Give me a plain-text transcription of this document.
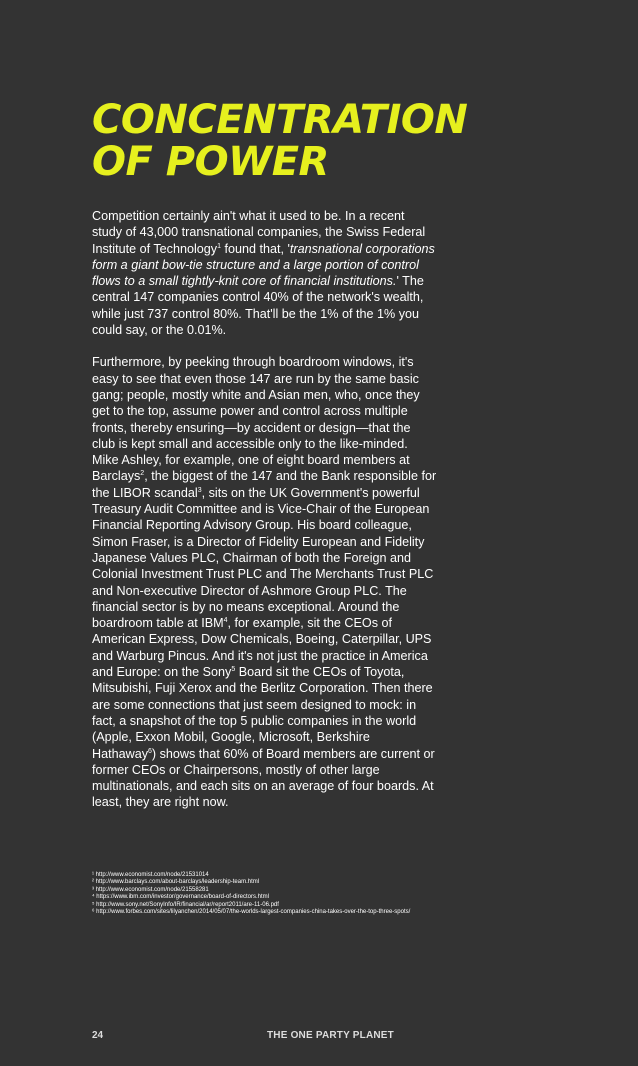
CONCENTRATION
OF POWER

Competition certainly ain't what it used to be. In a recent study of 43,000 transnational companies, the Swiss Federal Institute of Technology$^1$ found that, 'transnational corporations form a giant bow-tie structure and a large portion of control flows to a small tightly-knit core of financial institutions.' The central 147 companies control 40% of the network's wealth, while just 737 control 80%. That'll be the 1% of the 1% you could say, or the 0.01%.

Furthermore, by peeking through boardroom windows, it's easy to see that even those 147 are run by the same basic gang; people, mostly white and Asian men, who, once they get to the top, assume power and control across multiple fronts, thereby ensuring—by accident or design—that the club is kept small and accessible only to the like-minded. Mike Ashley, for example, one of eight board members at Barclays$^2$, the biggest of the 147 and the Bank responsible for the LIBOR scandal$^3$, sits on the UK Government's powerful Treasury Audit Committee and is Vice-Chair of the European Financial Reporting Advisory Group. His board colleague, Simon Fraser, is a Director of Fidelity European and Fidelity Japanese Values PLC, Chairman of both the Foreign and Colonial Investment Trust PLC and The Merchants Trust PLC and Non-executive Director of Ashmore Group PLC. The financial sector is by no means exceptional. Around the boardroom table at IBM$^4$, for example, sit the CEOs of American Express, Dow Chemicals, Boeing, Caterpillar, UPS and Warburg Pincus. And it's not just the practice in America and Europe: on the Sony$^5$ Board sit the CEOs of Toyota, Mitsubishi, Fuji Xerox and the Berlitz Corporation. Then there are some connections that just seem designed to mock: in fact, a snapshot of the top 5 public companies in the world (Apple, Exxon Mobil, Google, Microsoft, Berkshire Hathaway$^6$) shows that 60% of Board members are current or former CEOs or Chairpersons, mostly of other large multinationals, and each sits on an average of four boards. At least, they are right now.

¹ http://www.economist.com/node/21531014
² http://www.barclays.com/about-barclays/leadership-team.html
³ http://www.economist.com/node/21558281
⁴ https://www.ibm.com/investor/governance/board-of-directors.html
⁵ http://www.sony.net/SonyInfo/IR/financial/ar/report2011/are-11-06.pdf
⁶ http://www.forbes.com/sites/lilyanchen/2014/05/07/the-worlds-largest-companies-china-takes-over-the-top-three-spots/
24	THE ONE PARTY PLANET
